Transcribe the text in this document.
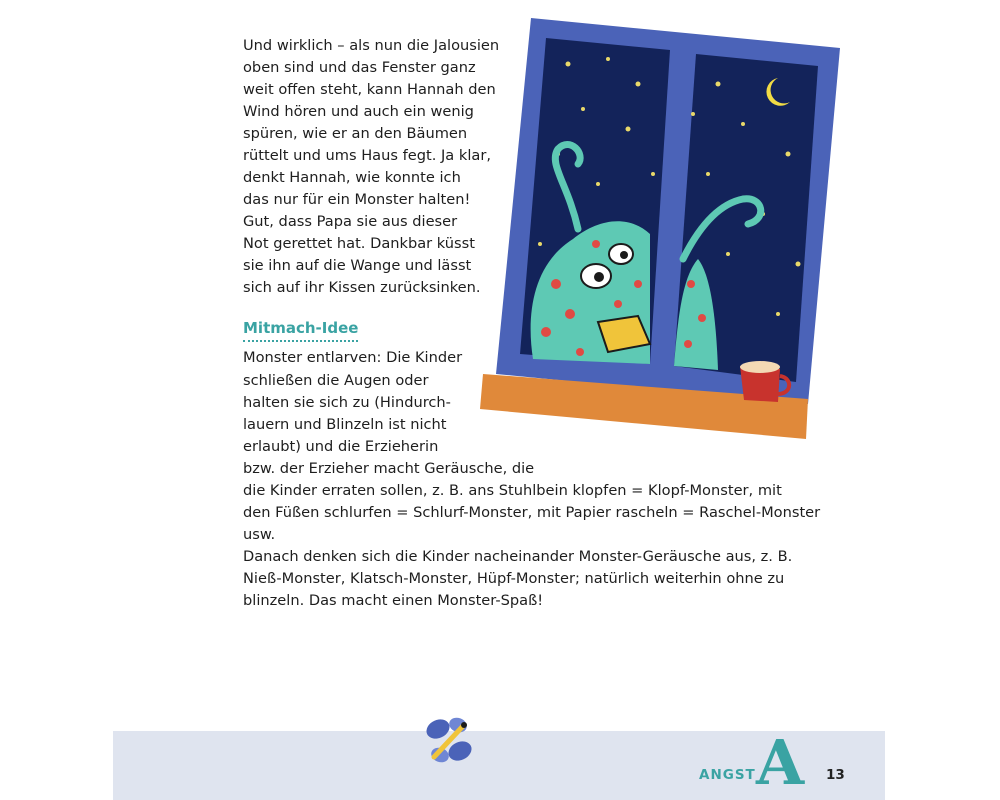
Und wirklich – als nun die Jalousien
oben sind und das Fenster ganz
weit offen steht, kann Hannah den
Wind hören und auch ein wenig
spüren, wie er an den Bäumen
rüttelt und ums Haus fegt. Ja klar,
denkt Hannah, wie konnte ich
das nur für ein Monster halten!
Gut, dass Papa sie aus dieser
Not gerettet hat. Dankbar küsst
sie ihn auf die Wange und lässt
sich auf ihr Kissen zurücksinken.
Mitmach-Idee
Monster entlarven: Die Kinder
schließen die Augen oder
halten sie sich zu (Hindurch-
lauern und Blinzeln ist nicht
erlaubt) und die Erzieherin
bzw. der Erzieher macht Geräusche, die
die Kinder erraten sollen, z. B. ans Stuhlbein klopfen = Klopf-Monster, mit
den Füßen schlurfen = Schlurf-Monster, mit Papier rascheln = Raschel-Monster
usw.
Danach denken sich die Kinder nacheinander Monster-Geräusche aus, z. B.
Nieß-Monster, Klatsch-Monster, Hüpf-Monster; natürlich weiterhin ohne zu
blinzeln. Das macht einen Monster-Spaß!
ANGST A 13
